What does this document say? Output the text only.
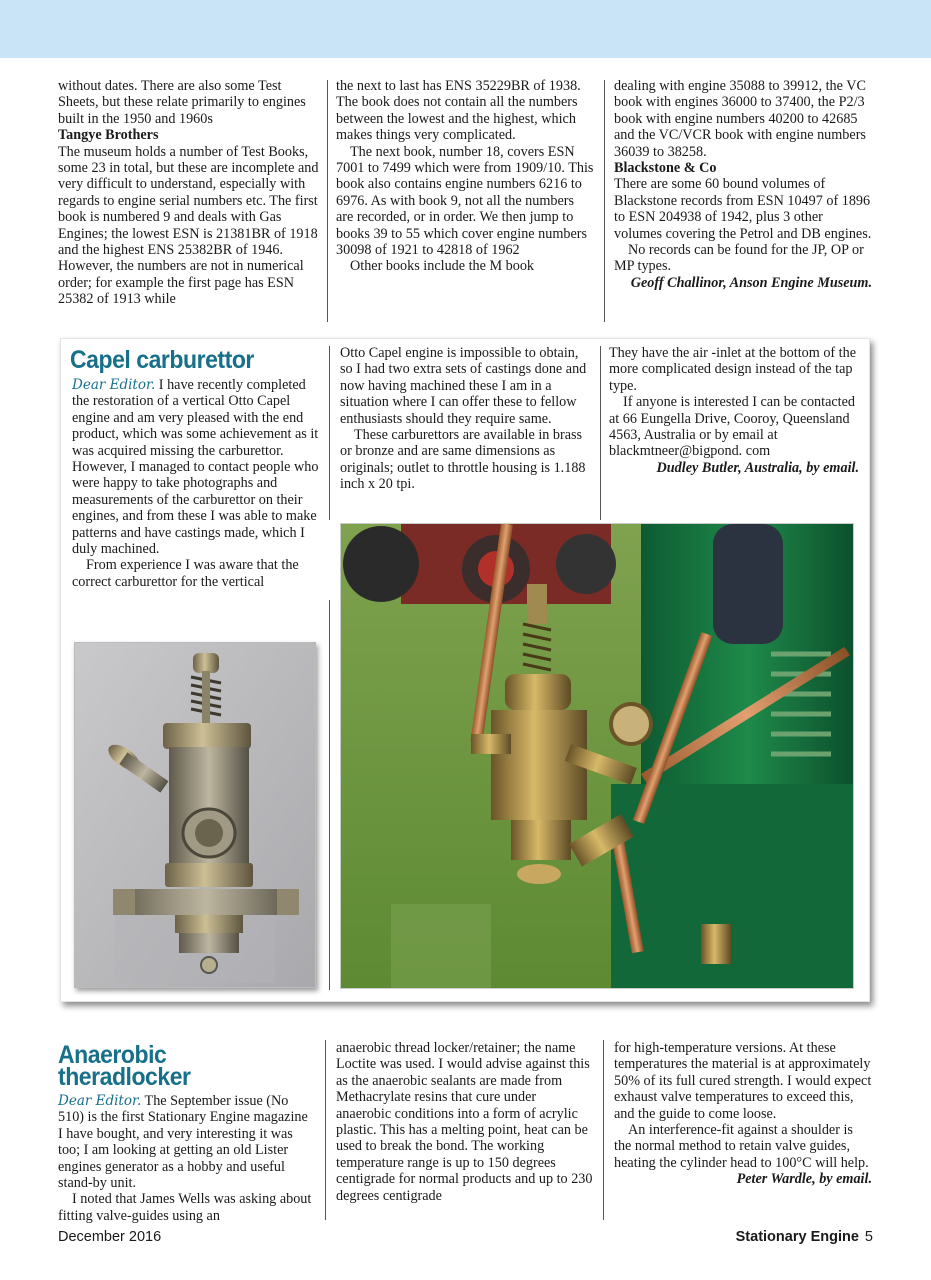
without dates. There are also some Test Sheets, but these relate primarily to engines built in the 1950 and 1960s

Tangye Brothers

The museum holds a number of Test Books, some 23 in total, but these are incomplete and very difficult to understand, especially with regards to engine serial numbers etc. The first book is numbered 9 and deals with Gas Engines; the lowest ESN is 21381BR of 1918 and the highest ENS 25382BR of 1946. However, the numbers are not in numerical order; for example the first page has ESN 25382 of 1913 while

the next to last has ENS 35229BR of 1938. The book does not contain all the numbers between the lowest and the highest, which makes things very complicated.

The next book, number 18, covers ESN 7001 to 7499 which were from 1909/10. This book also contains engine numbers 6216 to 6976. As with book 9, not all the numbers are recorded, or in order. We then jump to books 39 to 55 which cover engine numbers 30098 of 1921 to 42818 of 1962

Other books include the M book

dealing with engine 35088 to 39912, the VC book with engines 36000 to 37400, the P2/3 book with engine numbers 40200 to 42685 and the VC/VCR book with engine numbers 36039 to 38258.

Blackstone & Co

There are some 60 bound volumes of Blackstone records from ESN 10497 of 1896 to ESN 204938 of 1942, plus 3 other volumes covering the Petrol and DB engines.

No records can be found for the JP, OP or MP types.

Geoff Challinor, Anson Engine Museum.

Capel carburettor

Dear Editor. I have recently completed the restoration of a vertical Otto Capel engine and am very pleased with the end product, which was some achievement as it was acquired missing the carburettor. However, I managed to contact people who were happy to take photographs and measurements of the carburettor on their engines, and from these I was able to make patterns and have castings made, which I duly machined.

From experience I was aware that the correct carburettor for the vertical

Otto Capel engine is impossible to obtain, so I had two extra sets of castings done and now having machined these I am in a situation where I can offer these to fellow enthusiasts should they require same.

These carburettors are available in brass or bronze and are same dimensions as originals; outlet to throttle housing is 1.188 inch x 20 tpi.

They have the air -inlet at the bottom of the more complicated design instead of the tap type.

If anyone is interested I can be contacted at 66 Eungella Drive, Cooroy, Queensland 4563, Australia or by email at blackmtneer@bigpond. com

Dudley Butler, Australia, by email.

Anaerobic
theradlocker

Dear Editor. The September issue (No 510) is the first Stationary Engine magazine I have bought, and very interesting it was too; I am looking at getting an old Lister engines generator as a hobby and useful stand-by unit.

I noted that James Wells was asking about fitting valve-guides using an

anaerobic thread locker/retainer; the name Loctite was used. I would advise against this as the anaerobic sealants are made from Methacrylate resins that cure under anaerobic conditions into a form of acrylic plastic. This has a melting point, heat can be used to break the bond. The working temperature range is up to 150 degrees centigrade for normal products and up to 230 degrees centigrade

for high-temperature versions. At these temperatures the material is at approximately 50% of its full cured strength. I would expect exhaust valve temperatures to exceed this, and the guide to come loose.

An interference-fit against a shoulder is the normal method to retain valve guides, heating the cylinder head to 100°C will help.

Peter Wardle, by email.

December 2016	Stationary Engine 5
